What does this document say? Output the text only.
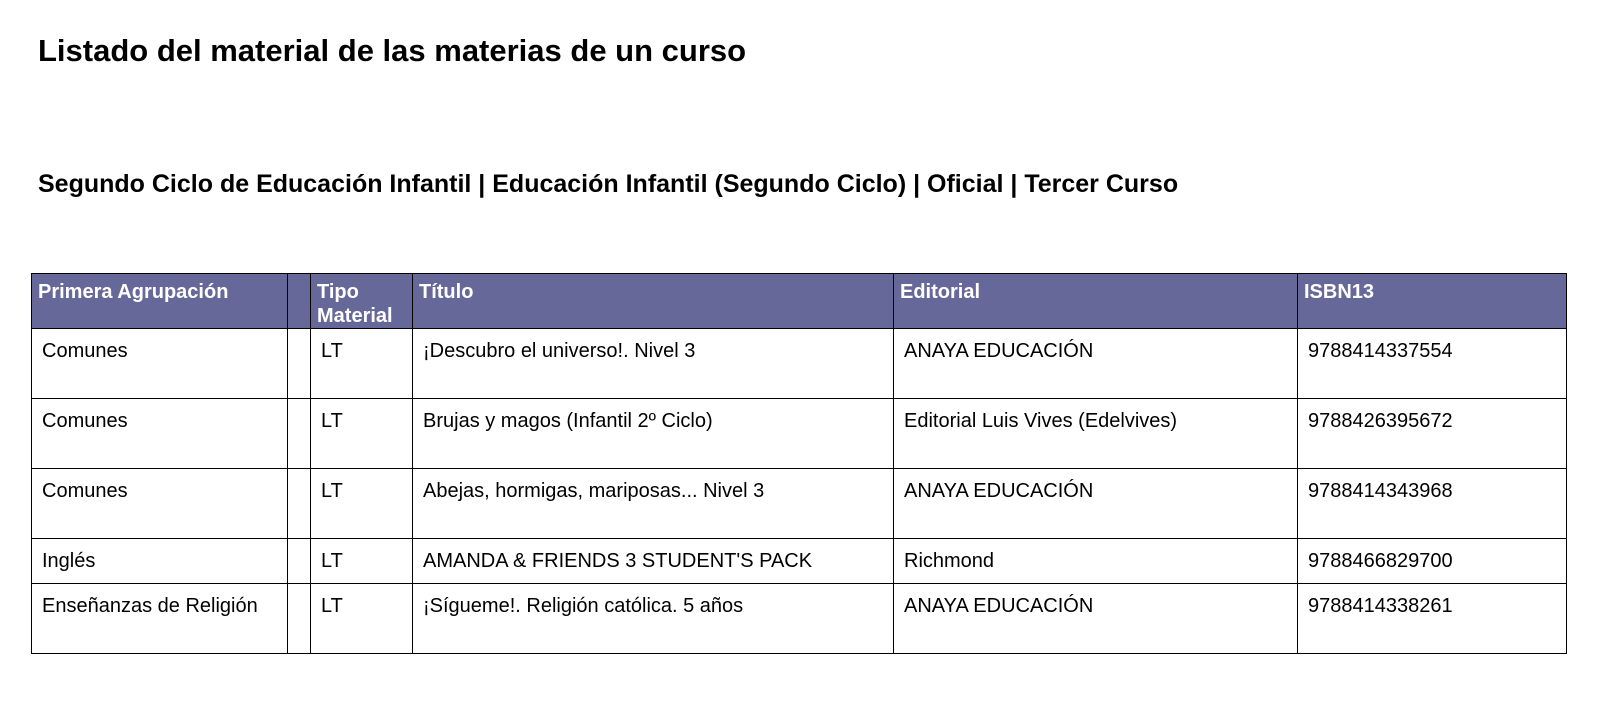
Listado del material de las materias de un curso
Segundo Ciclo de Educación Infantil | Educación Infantil (Segundo Ciclo) | Oficial | Tercer Curso
Primera Agrupación		Tipo Material	Título	Editorial	ISBN13

Comunes		LT	¡Descubro el universo!. Nivel 3	ANAYA EDUCACIÓN	9788414337554

Comunes		LT	Brujas y magos (Infantil 2º Ciclo)	Editorial Luis Vives (Edelvives)	9788426395672

Comunes		LT	Abejas, hormigas, mariposas... Nivel 3	ANAYA EDUCACIÓN	9788414343968

Inglés		LT	AMANDA & FRIENDS 3 STUDENT'S PACK	Richmond	9788466829700

Enseñanzas de Religión		LT	¡Sígueme!. Religión católica. 5 años	ANAYA EDUCACIÓN	9788414338261
